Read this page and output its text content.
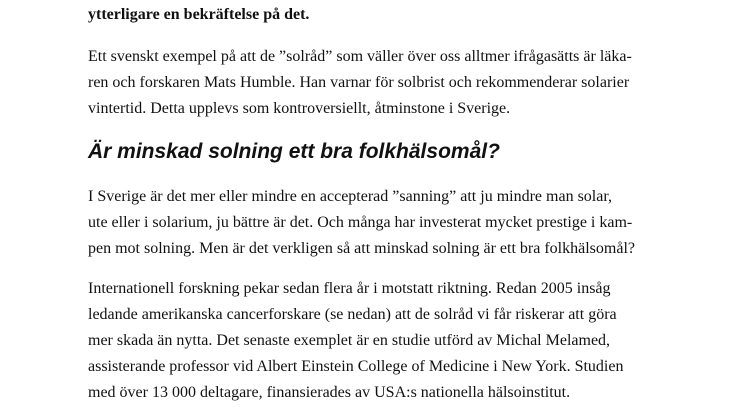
ytterligare en bekräftelse på det.

Ett svenskt exempel på att de ”solråd” som väller över oss alltmer ifrågasätts är läka-
ren och forskaren Mats Humble. Han varnar för solbrist och rekommenderar solarier
vintertid. Detta upplevs som kontroversiellt, åtminstone i Sverige.

Är minskad solning ett bra folkhälsomål?

I Sverige är det mer eller mindre en accepterad ”sanning” att ju mindre man solar,
ute eller i solarium, ju bättre är det. Och många har investerat mycket prestige i kam-
pen mot solning. Men är det verkligen så att minskad solning är ett bra folkhälsomål?

Internationell forskning pekar sedan flera år i motstatt riktning. Redan 2005 insåg
ledande amerikanska cancerforskare (se nedan) att de solråd vi får riskerar att göra
mer skada än nytta. Det senaste exemplet är en studie utförd av Michal Melamed,
assisterande professor vid Albert Einstein College of Medicine i New York. Studien
med över 13 000 deltagare, finansierades av USA:s nationella hälsoinstitut.
